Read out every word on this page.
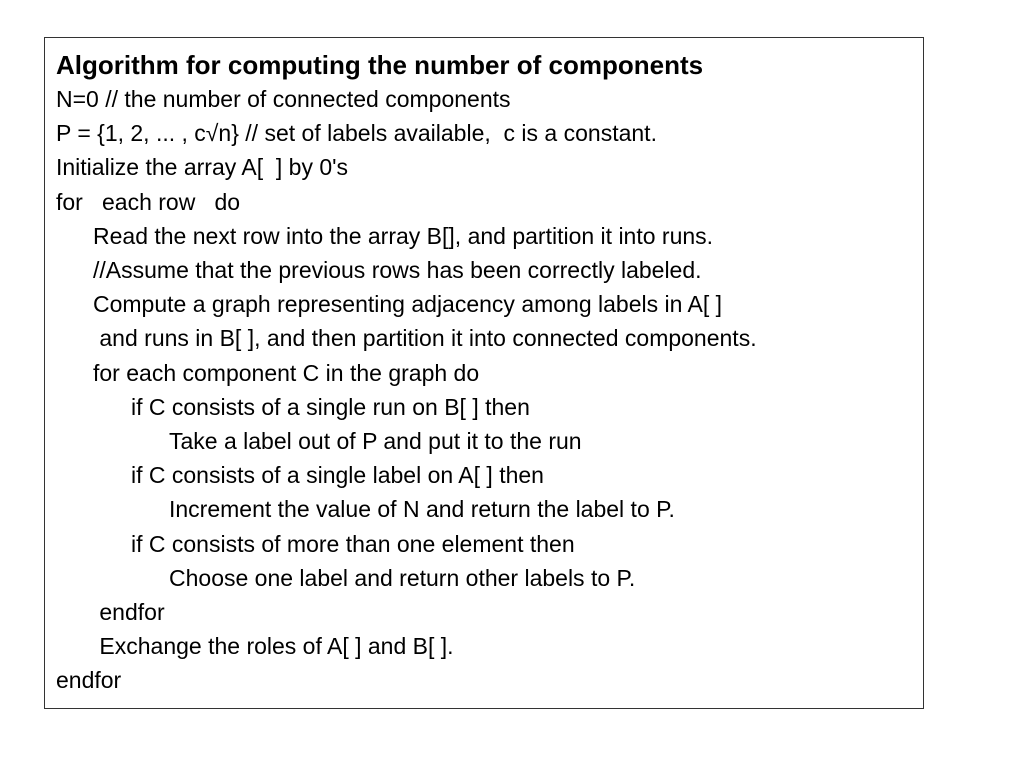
Algorithm for computing the number of components
N=0 // the number of connected components
P = {1, 2, ... , c√n} // set of labels available,  c is a constant.
Initialize the array A[  ] by 0's
for   each row   do
Read the next row into the array B[], and partition it into runs.
//Assume that the previous rows has been correctly labeled.
Compute a graph representing adjacency among labels in A[ ]
and runs in B[ ], and then partition it into connected components.
for each component C in the graph do
if C consists of a single run on B[ ] then
Take a label out of P and put it to the run
if C consists of a single label on A[ ] then
Increment the value of N and return the label to P.
if C consists of more than one element then
Choose one label and return other labels to P.
endfor
Exchange the roles of A[ ] and B[ ].
endfor
